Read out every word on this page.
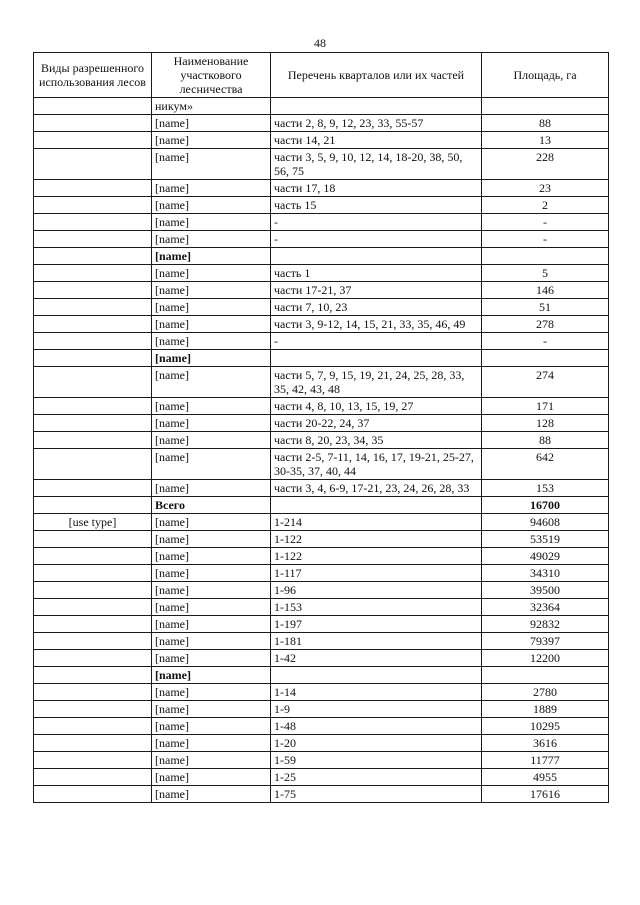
48
Виды разрешенного использования лесов	Наименование участкового лесничества	Перечень кварталов или их частей	Площадь, га
	никум»		
	[name]	части 2, 8, 9, 12, 23, 33, 55-57	88
	[name]	части 14, 21	13
	[name]	части 3, 5, 9, 10, 12, 14, 18-20, 38, 50, 56, 75	228
	[name]	части 17, 18	23
	[name]	часть 15	2
	[name]	-	-
	[name]	-	-
	[name]		
	[name]	часть 1	5
	[name]	части 17-21, 37	146
	[name]	части 7, 10, 23	51
	[name]	части 3, 9-12, 14, 15, 21, 33, 35, 46, 49	278
	[name]	-	-
	[name]		
	[name]	части 5, 7, 9, 15, 19, 21, 24, 25, 28, 33, 35, 42, 43, 48	274
	[name]	части 4, 8, 10, 13, 15, 19, 27	171
	[name]	части 20-22, 24, 37	128
	[name]	части 8, 20, 23, 34, 35	88
	[name]	части 2-5, 7-11, 14, 16, 17, 19-21, 25-27, 30-35, 37, 40, 44	642
	[name]	части 3, 4, 6-9, 17-21, 23, 24, 26, 28, 33	153
	Всего		16700
[use type]	[name]	1-214	94608
	[name]	1-122	53519
	[name]	1-122	49029
	[name]	1-117	34310
	[name]	1-96	39500
	[name]	1-153	32364
	[name]	1-197	92832
	[name]	1-181	79397
	[name]	1-42	12200
	[name]		
	[name]	1-14	2780
	[name]	1-9	1889
	[name]	1-48	10295
	[name]	1-20	3616
	[name]	1-59	11777
	[name]	1-25	4955
	[name]	1-75	17616
